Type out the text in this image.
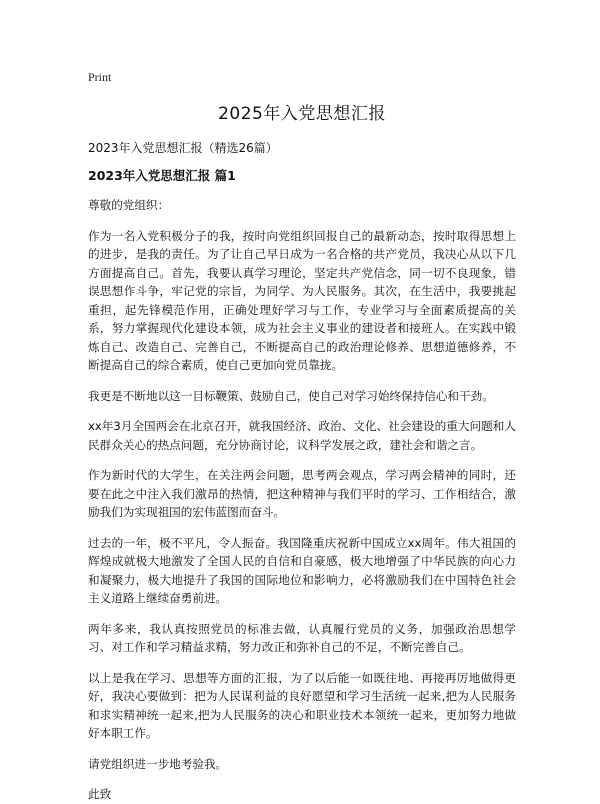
Print
2025年入党思想汇报
2023年入党思想汇报（精选26篇）
2023年入党思想汇报 篇1

尊敬的党组织：

作为一名入党积极分子的我，按时向党组织回报自己的最新动态，按时取得思想上的进步，是我的责任。为了让自己早日成为一名合格的共产党员，我决心从以下几方面提高自己。首先，我要认真学习理论，坚定共产党信念，同一切不良现象，错误思想作斗争，牢记党的宗旨，为同学、为人民服务。其次，在生活中，我要挑起重担，起先锋模范作用，正确处理好学习与工作，专业学习与全面素质提高的关系，努力掌握现代化建设本领，成为社会主义事业的建设者和接班人。在实践中锻炼自己、改造自己、完善自己，不断提高自己的政治理论修养、思想道德修养，不断提高自己的综合素质，使自己更加向党员靠拢。

我更是不断地以这一目标鞭策、鼓励自己，使自己对学习始终保持信心和干劲。

xx年3月全国两会在北京召开，就我国经济、政治、文化、社会建设的重大问题和人民群众关心的热点问题，充分协商讨论，议科学发展之政，建社会和谐之言。

作为新时代的大学生，在关注两会问题，思考两会观点，学习两会精神的同时，还要在此之中注入我们激昂的热情，把这种精神与我们平时的学习、工作相结合，激励我们为实现祖国的宏伟蓝图而奋斗。

过去的一年，极不平凡，令人振奋。我国隆重庆祝新中国成立xx周年。伟大祖国的辉煌成就极大地激发了全国人民的自信和自豪感，极大地增强了中华民族的向心力和凝聚力，极大地提升了我国的国际地位和影响力，必将激励我们在中国特色社会主义道路上继续奋勇前进。

两年多来，我认真按照党员的标准去做，认真履行党员的义务，加强政治思想学习、对工作和学习精益求精，努力改正和弥补自己的不足，不断完善自己。

以上是我在学习、思想等方面的汇报，为了以后能一如既往地、再接再厉地做得更好，我决心要做到：把为人民谋利益的良好愿望和学习生活统一起来,把为人民服务和求实精神统一起来,把为人民服务的决心和职业技术本领统一起来，更加努力地做好本职工作。

请党组织进一步地考验我。

此致
